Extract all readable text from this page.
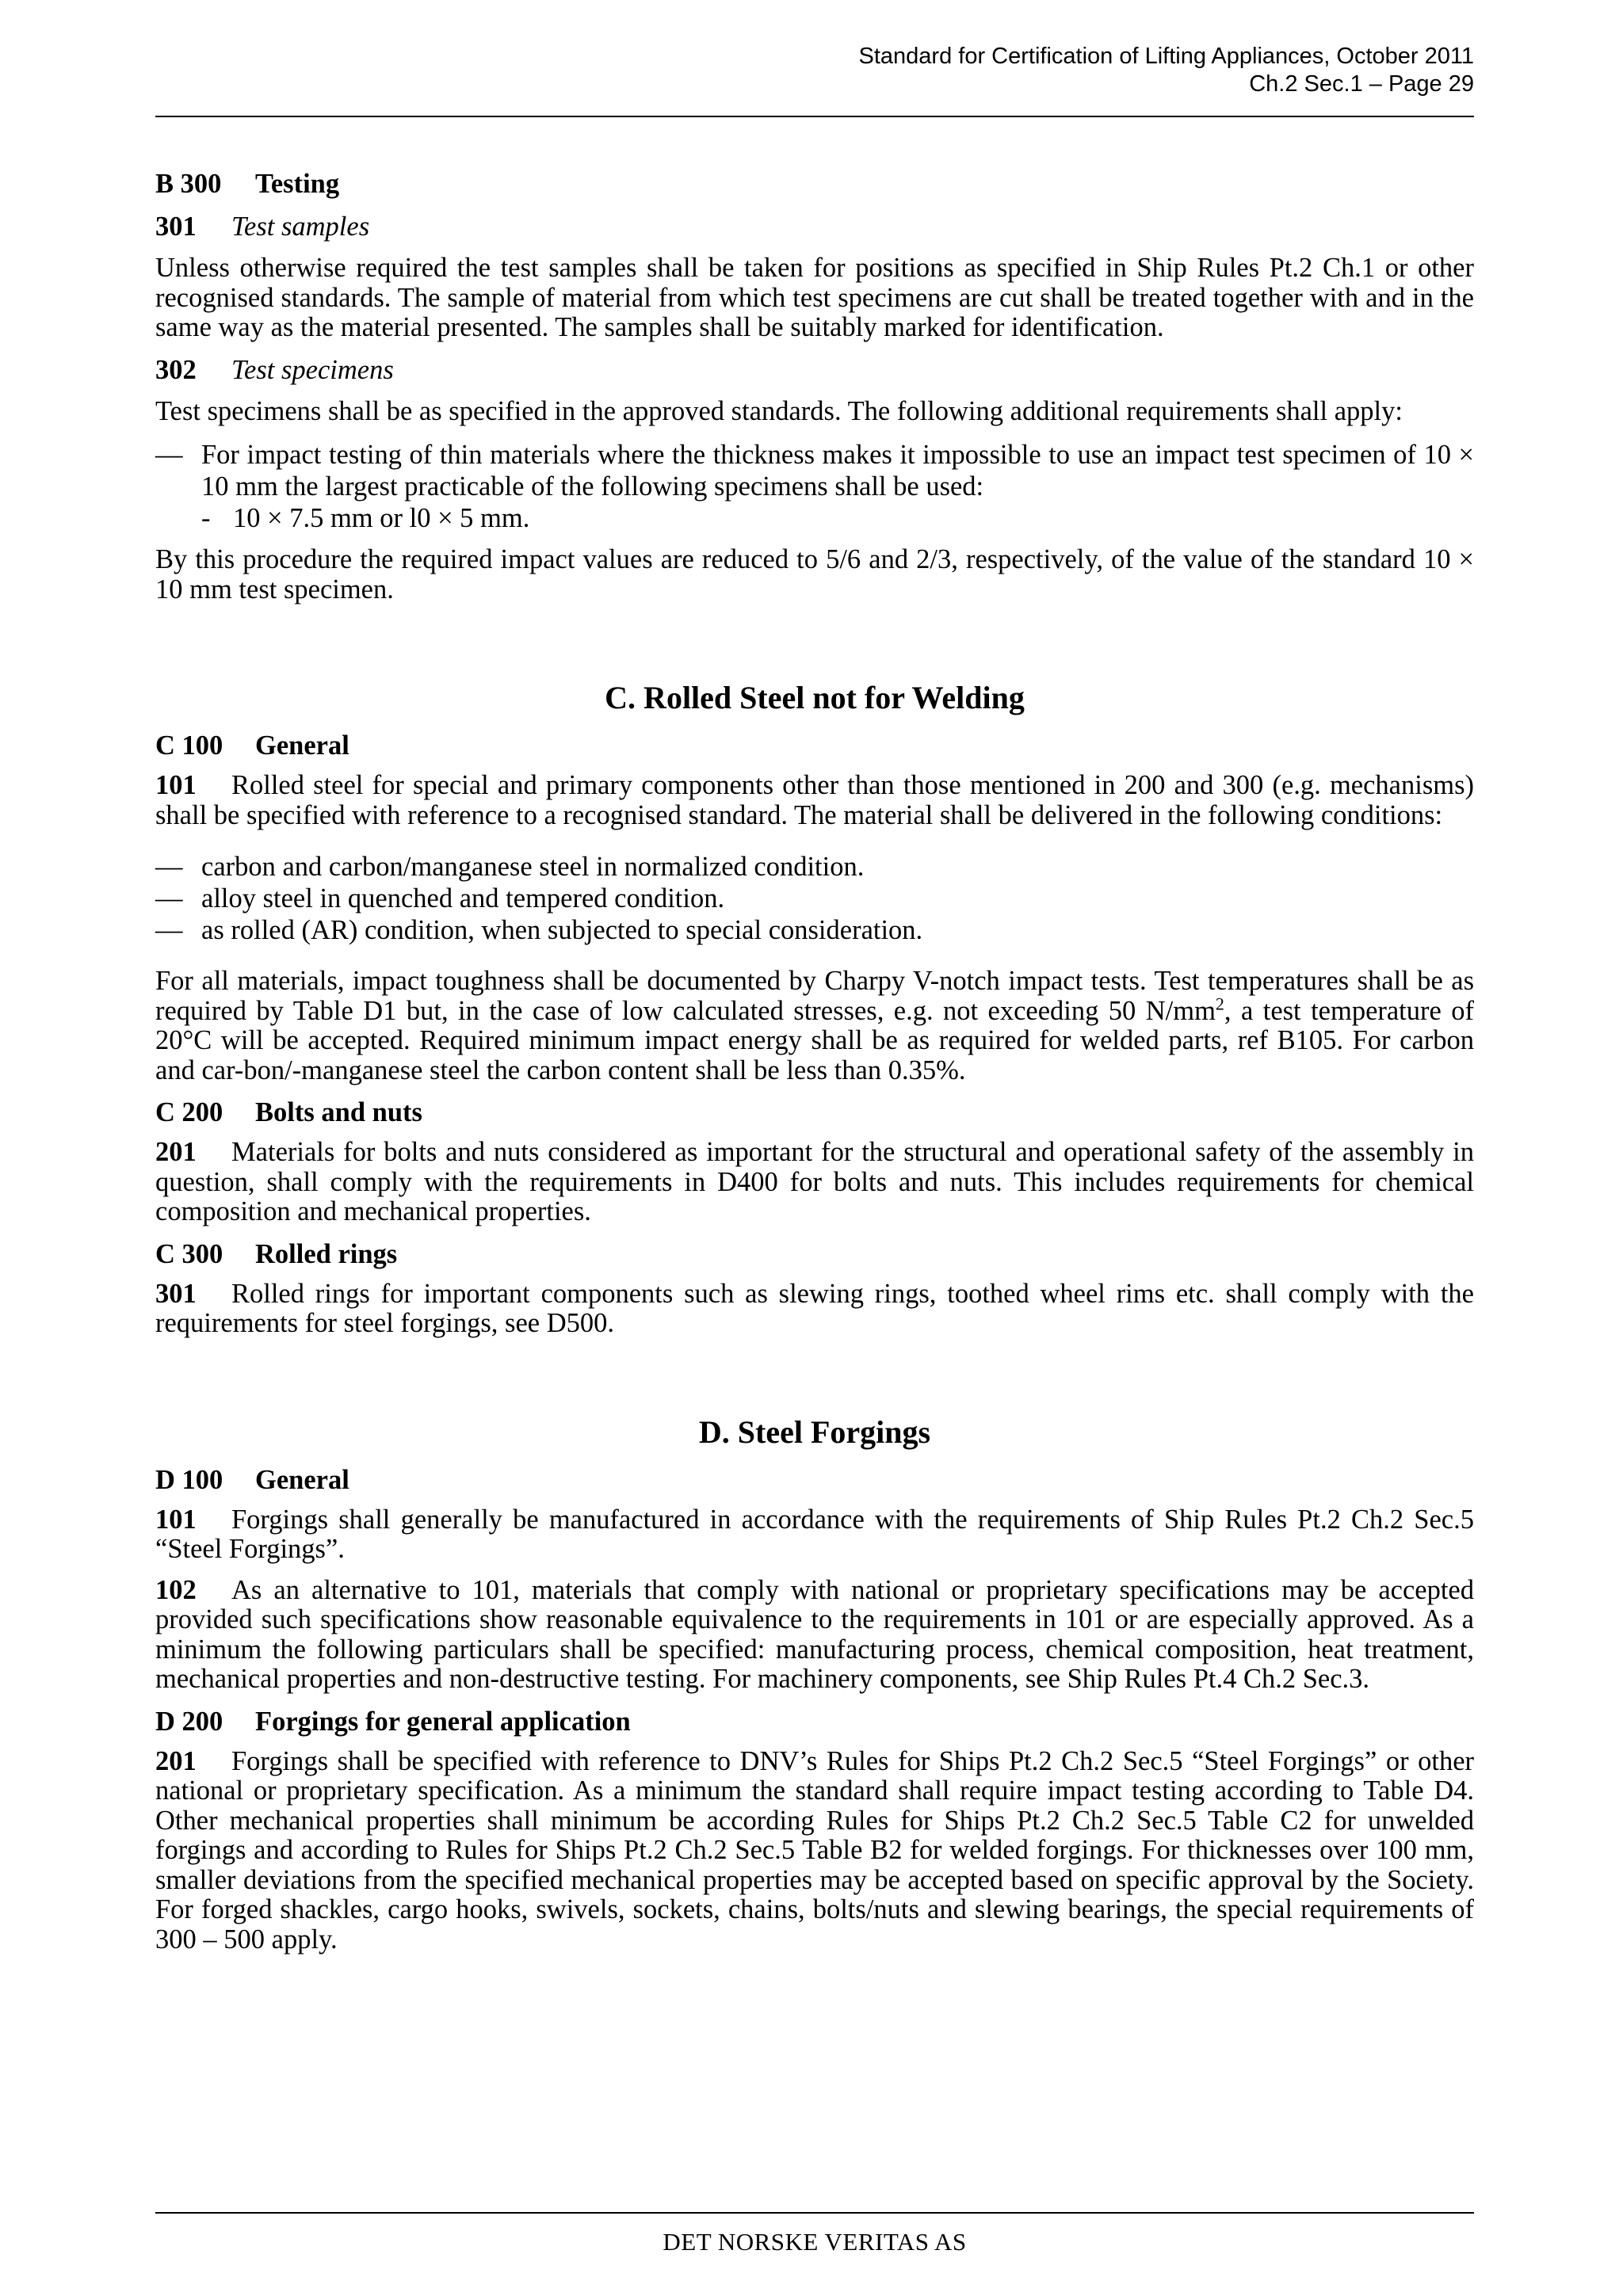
Standard for Certification of Lifting Appliances, October 2011
Ch.2 Sec.1 – Page 29
B 300 Testing
301 Test samples

Unless otherwise required the test samples shall be taken for positions as specified in Ship Rules Pt.2 Ch.1 or other recognised standards. The sample of material from which test specimens are cut shall be treated together with and in the same way as the material presented. The samples shall be suitably marked for identification.

302 Test specimens

Test specimens shall be as specified in the approved standards. The following additional requirements shall apply:

— For impact testing of thin materials where the thickness makes it impossible to use an impact test specimen of 10 × 10 mm the largest practicable of the following specimens shall be used:
- 10 × 7.5 mm or l0 × 5 mm.

By this procedure the required impact values are reduced to 5/6 and 2/3, respectively, of the value of the standard 10 × 10 mm test specimen.

C. Rolled Steel not for Welding
C 100 General

101 Rolled steel for special and primary components other than those mentioned in 200 and 300 (e.g. mechanisms) shall be specified with reference to a recognised standard. The material shall be delivered in the following conditions:

— carbon and carbon/manganese steel in normalized condition.
— alloy steel in quenched and tempered condition.
— as rolled (AR) condition, when subjected to special consideration.

For all materials, impact toughness shall be documented by Charpy V-notch impact tests. Test temperatures shall be as required by Table D1 but, in the case of low calculated stresses, e.g. not exceeding 50 $N/mm^2$, a test temperature of 20°C will be accepted. Required minimum impact energy shall be as required for welded parts, ref B105. For carbon and car-bon/-manganese steel the carbon content shall be less than 0.35%.

C 200 Bolts and nuts

201 Materials for bolts and nuts considered as important for the structural and operational safety of the assembly in question, shall comply with the requirements in D400 for bolts and nuts. This includes requirements for chemical composition and mechanical properties.

C 300 Rolled rings

301 Rolled rings for important components such as slewing rings, toothed wheel rims etc. shall comply with the requirements for steel forgings, see D500.

D. Steel Forgings
D 100 General

101 Forgings shall generally be manufactured in accordance with the requirements of Ship Rules Pt.2 Ch.2 Sec.5 “Steel Forgings”.

102 As an alternative to 101, materials that comply with national or proprietary specifications may be accepted provided such specifications show reasonable equivalence to the requirements in 101 or are especially approved. As a minimum the following particulars shall be specified: manufacturing process, chemical composition, heat treatment, mechanical properties and non-destructive testing. For machinery components, see Ship Rules Pt.4 Ch.2 Sec.3.

D 200 Forgings for general application

201 Forgings shall be specified with reference to DNV’s Rules for Ships Pt.2 Ch.2 Sec.5 “Steel Forgings” or other national or proprietary specification. As a minimum the standard shall require impact testing according to Table D4. Other mechanical properties shall minimum be according Rules for Ships Pt.2 Ch.2 Sec.5 Table C2 for unwelded forgings and according to Rules for Ships Pt.2 Ch.2 Sec.5 Table B2 for welded forgings. For thicknesses over 100 mm, smaller deviations from the specified mechanical properties may be accepted based on specific approval by the Society. For forged shackles, cargo hooks, swivels, sockets, chains, bolts/nuts and slewing bearings, the special requirements of 300 – 500 apply.

DET NORSKE VERITAS AS
